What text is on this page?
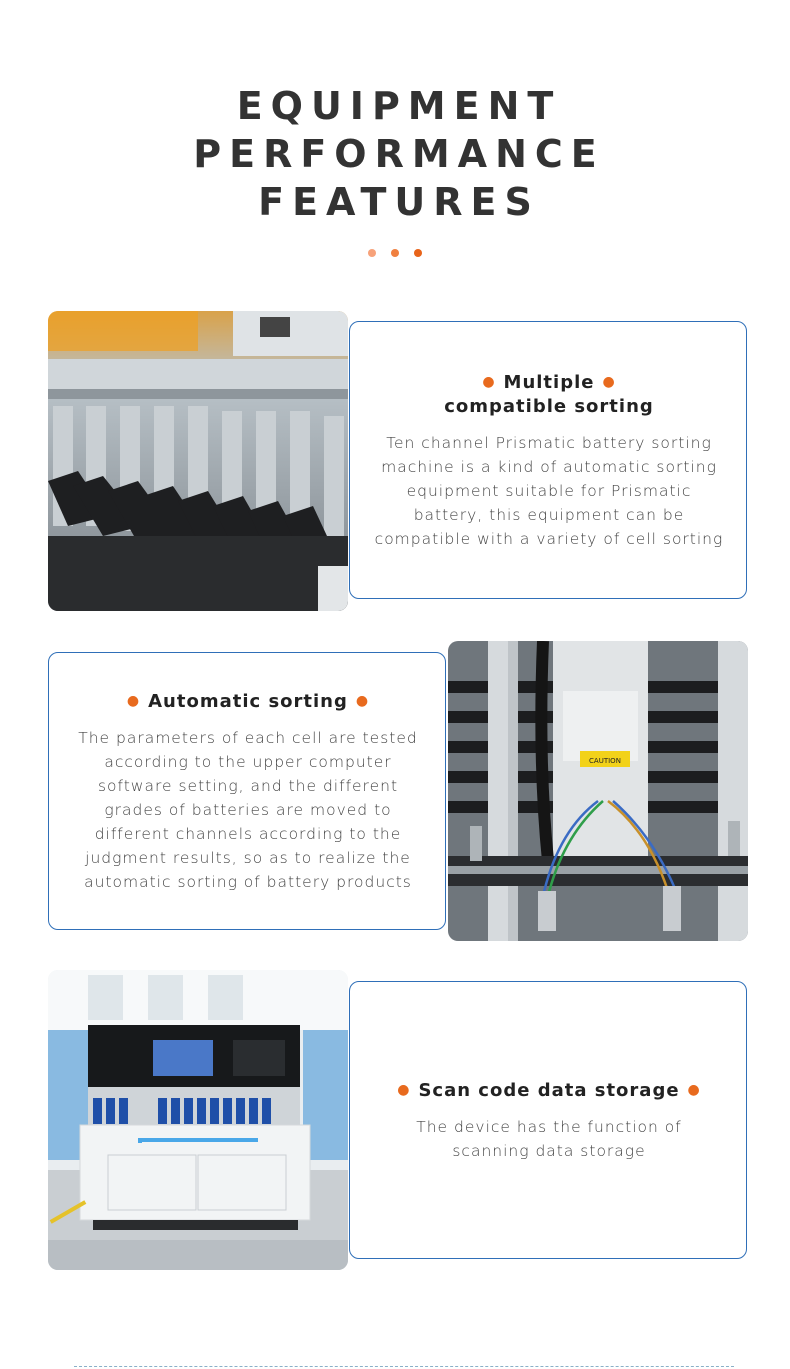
EQUIPMENT
PERFORMANCE
FEATURES
● Multiple ●
compatible sorting
Ten channel Prismatic battery sorting
machine is a kind of automatic sorting
equipment suitable for Prismatic
battery, this equipment can be
compatible with a variety of cell sorting
● Automatic sorting ●
The parameters of each cell are tested
according to the upper computer
software setting, and the different
grades of batteries are moved to
different channels according to the
judgment results, so as to realize the
automatic sorting of battery products
CAUTION
● Scan code data storage ●
The device has the function of
scanning data storage
